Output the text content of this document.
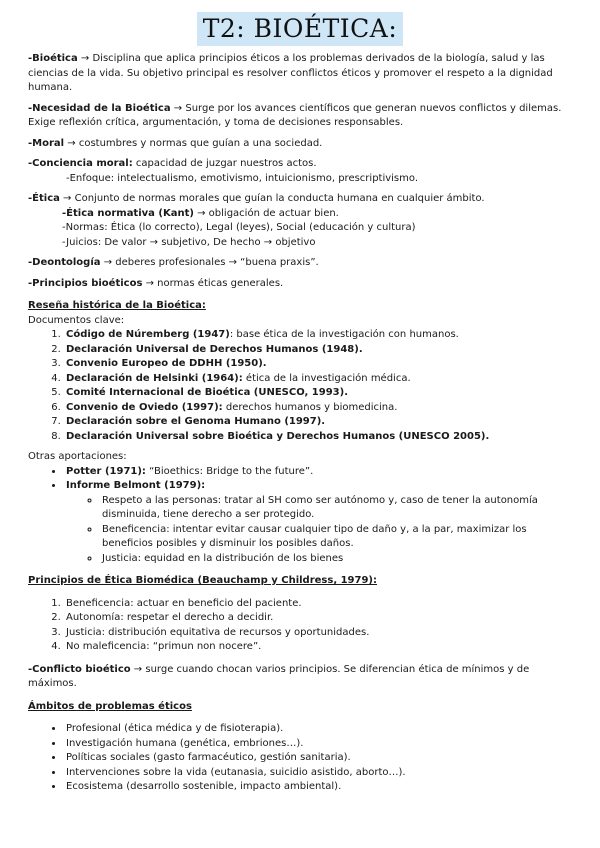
T2: BIOÉTICA:

-Bioética → Disciplina que aplica principios éticos a los problemas derivados de la biología, salud y las ciencias de la vida. Su objetivo principal es resolver conflictos éticos y promover el respeto a la dignidad humana.

-Necesidad de la Bioética → Surge por los avances científicos que generan nuevos conflictos y dilemas. Exige reflexión crítica, argumentación, y toma de decisiones responsables.

-Moral → costumbres y normas que guían a una sociedad.

-Conciencia moral: capacidad de juzgar nuestros actos.

-Enfoque: intelectualismo, emotivismo, intuicionismo, prescriptivismo.

-Ética → Conjunto de normas morales que guían la conducta humana en cualquier ámbito.

-Ética normativa (Kant) → obligación de actuar bien.

-Normas: Ética (lo correcto), Legal (leyes), Social (educación y cultura)

-Juicios: De valor → subjetivo, De hecho → objetivo

-Deontología → deberes profesionales → “buena praxis”.

-Principios bioéticos → normas éticas generales.

Reseña histórica de la Bioética:

Documentos clave:

1. Código de Núremberg (1947): base ética de la investigación con humanos.
2. Declaración Universal de Derechos Humanos (1948).
3. Convenio Europeo de DDHH (1950).
4. Declaración de Helsinki (1964): ética de la investigación médica.
5. Comité Internacional de Bioética (UNESCO, 1993).
6. Convenio de Oviedo (1997): derechos humanos y biomedicina.
7. Declaración sobre el Genoma Humano (1997).
8. Declaración Universal sobre Bioética y Derechos Humanos (UNESCO 2005).

Otras aportaciones:

• Potter (1971): “Bioethics: Bridge to the future”.
• Informe Belmont (1979):
◦ Respeto a las personas: tratar al SH como ser autónomo y, caso de tener la autonomía disminuida, tiene derecho a ser protegido.
◦ Beneficencia: intentar evitar causar cualquier tipo de daño y, a la par, maximizar los beneficios posibles y disminuir los posibles daños.
◦ Justicia: equidad en la distribución de los bienes

Principios de Ética Biomédica (Beauchamp y Childress, 1979):

1. Beneficencia: actuar en beneficio del paciente.
2. Autonomía: respetar el derecho a decidir.
3. Justicia: distribución equitativa de recursos y oportunidades.
4. No maleficencia: “primun non nocere”.

-Conflicto bioético → surge cuando chocan varios principios. Se diferencian ética de mínimos y de máximos.

Ámbitos de problemas éticos

• Profesional (ética médica y de fisioterapia).
• Investigación humana (genética, embriones…).
• Políticas sociales (gasto farmacéutico, gestión sanitaria).
• Intervenciones sobre la vida (eutanasia, suicidio asistido, aborto…).
• Ecosistema (desarrollo sostenible, impacto ambiental).
